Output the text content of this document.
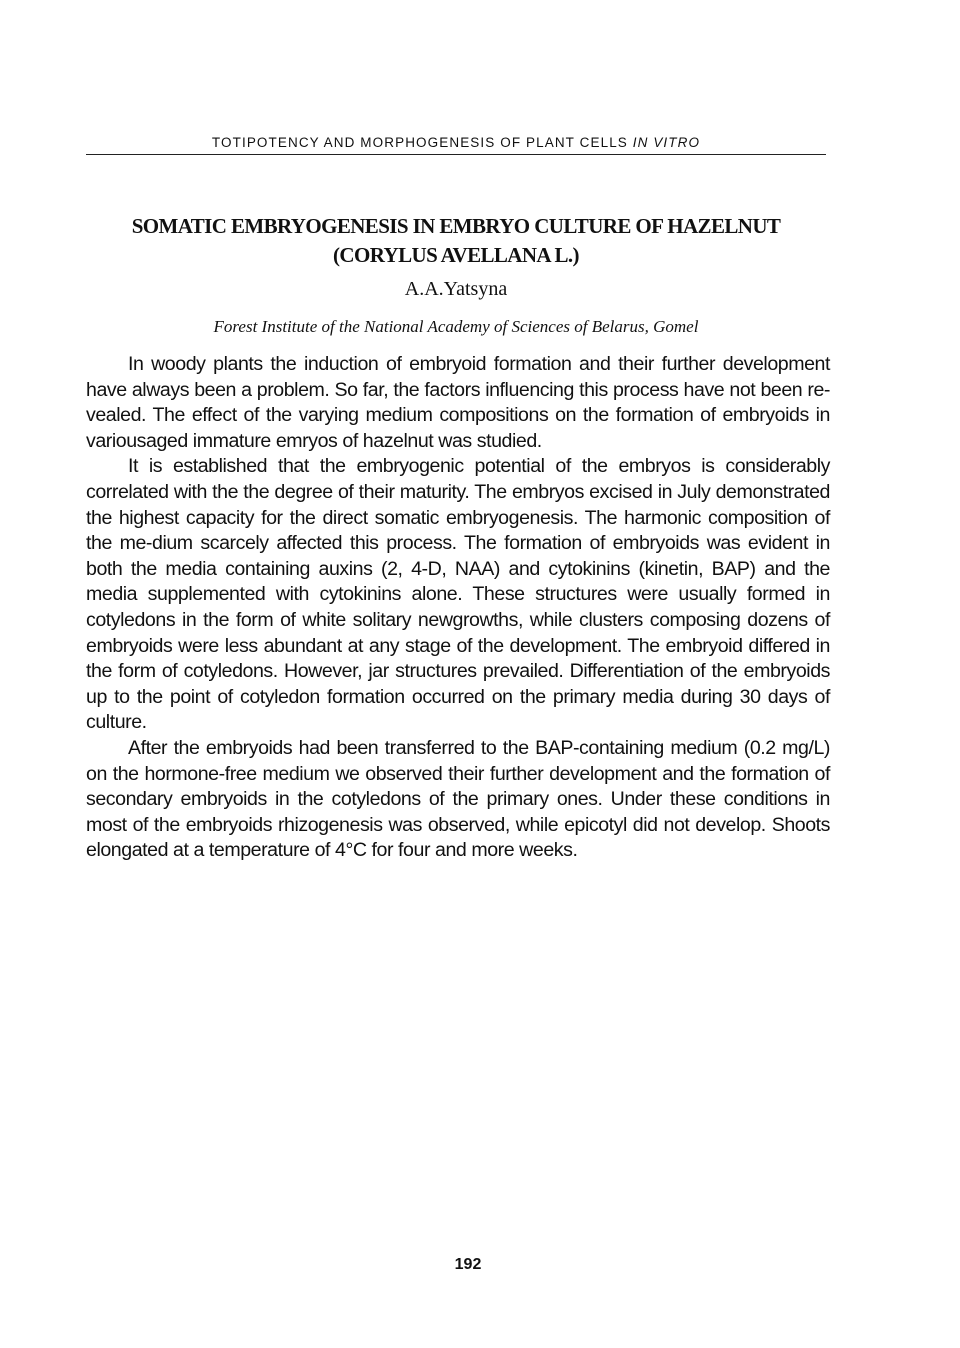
TOTIPOTENCY AND MORPHOGENESIS OF PLANT CELLS IN VITRO
SOMATIC EMBRYOGENESIS IN EMBRYO CULTURE OF HAZELNUT
(CORYLUS AVELLANA L.)
A.A.Yatsyna
Forest Institute of the National Academy of Sciences of Belarus, Gomel

In woody plants the induction of embryoid formation and their further development have always been a problem. So far, the factors influencing this process have not been re-vealed. The effect of the varying medium compositions on the formation of embryoids in variousaged immature emryos of hazelnut was studied.

It is established that the embryogenic potential of the embryos is considerably correlated with the the degree of their maturity. The embryos excised in July demonstrated the highest capacity for the direct somatic embryogenesis. The harmonic composition of the me-dium scarcely affected this process. The formation of embryoids was evident in both the media containing auxins (2, 4-D, NAA) and cytokinins (kinetin, BAP) and the media supplemented with cytokinins alone. These structures were usually formed in cotyledons in the form of white solitary newgrowths, while clusters composing dozens of embryoids were less abundant at any stage of the development. The embryoid differed in the form of cotyledons. However, jar structures prevailed. Differentiation of the embryoids up to the point of cotyledon formation occurred on the primary media during 30 days of culture.

After the embryoids had been transferred to the BAP-containing medium (0.2 mg/L) on the hormone-free medium we observed their further development and the formation of secondary embryoids in the cotyledons of the primary ones. Under these conditions in most of the embryoids rhizogenesis was observed, while epicotyl did not develop. Shoots elongated at a temperature of 4°C for four and more weeks.

192
